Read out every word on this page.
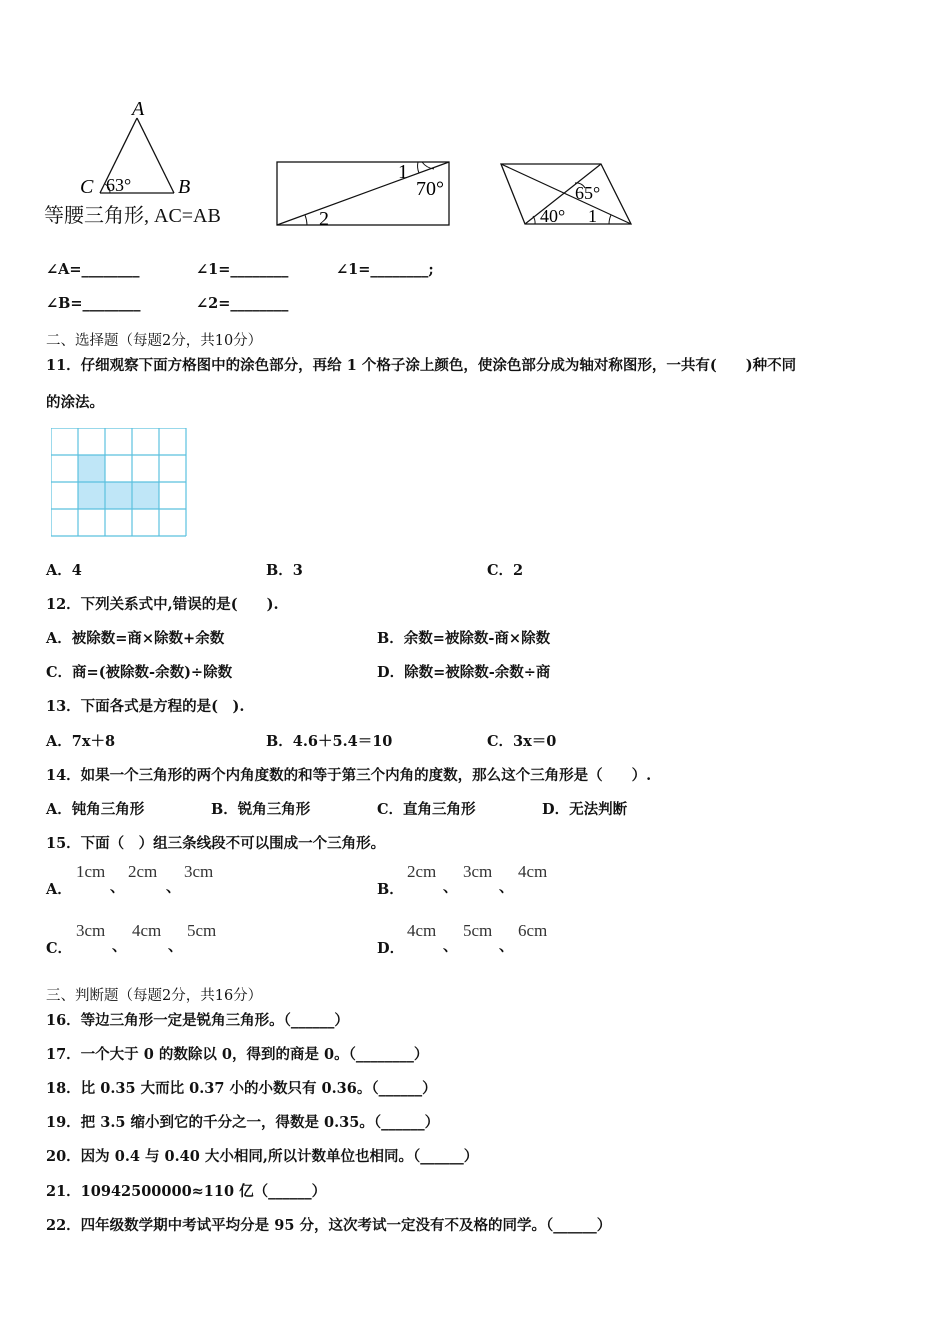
A
C	B
63°
等腰三角形, AC=AB
1
70°
2
65°
40° 1
∠A=________	∠1=________	∠1=________;
∠B=________	∠2=________
二、选择题（每题2分，共10分）
11．仔细观察下面方格图中的涂色部分，再给 1 个格子涂上颜色，使涂色部分成为轴对称图形，一共有(　　)种不同
的涂法。
A．4	B．3	C．2
12．下列关系式中,错误的是(　　).
A．被除数=商×除数+余数	B．余数=被除数-商×除数
C．商=(被除数-余数)÷除数	D．除数=被除数-余数÷商
13．下面各式是方程的是(　).
A．7x＋8	B．4.6＋5.4＝10	C．3x＝0
14．如果一个三角形的两个内角度数的和等于第三个内角的度数，那么这个三角形是（　　）.
A．钝角三角形	B．锐角三角形	C．直角三角形	D．无法判断
15．下面（　）组三条线段不可以围成一个三角形。
A．
1cm
、
2cm
、
3cm
B．
2cm
、
3cm
、
4cm
C．
3cm
、
4cm
、
5cm
D．
4cm
、
5cm
、
6cm
三、判断题（每题2分，共16分）
16．等边三角形一定是锐角三角形。（______）
17．一个大于 0 的数除以 0，得到的商是 0。（________）
18．比 0.35 大而比 0.37 小的小数只有 0.36。（______）
19．把 3.5 缩小到它的千分之一，得数是 0.35。（______）
20．因为 0.4 与 0.40 大小相同,所以计数单位也相同。（______）
21．10942500000≈110 亿（______）
22．四年级数学期中考试平均分是 95 分，这次考试一定没有不及格的同学。（______）
